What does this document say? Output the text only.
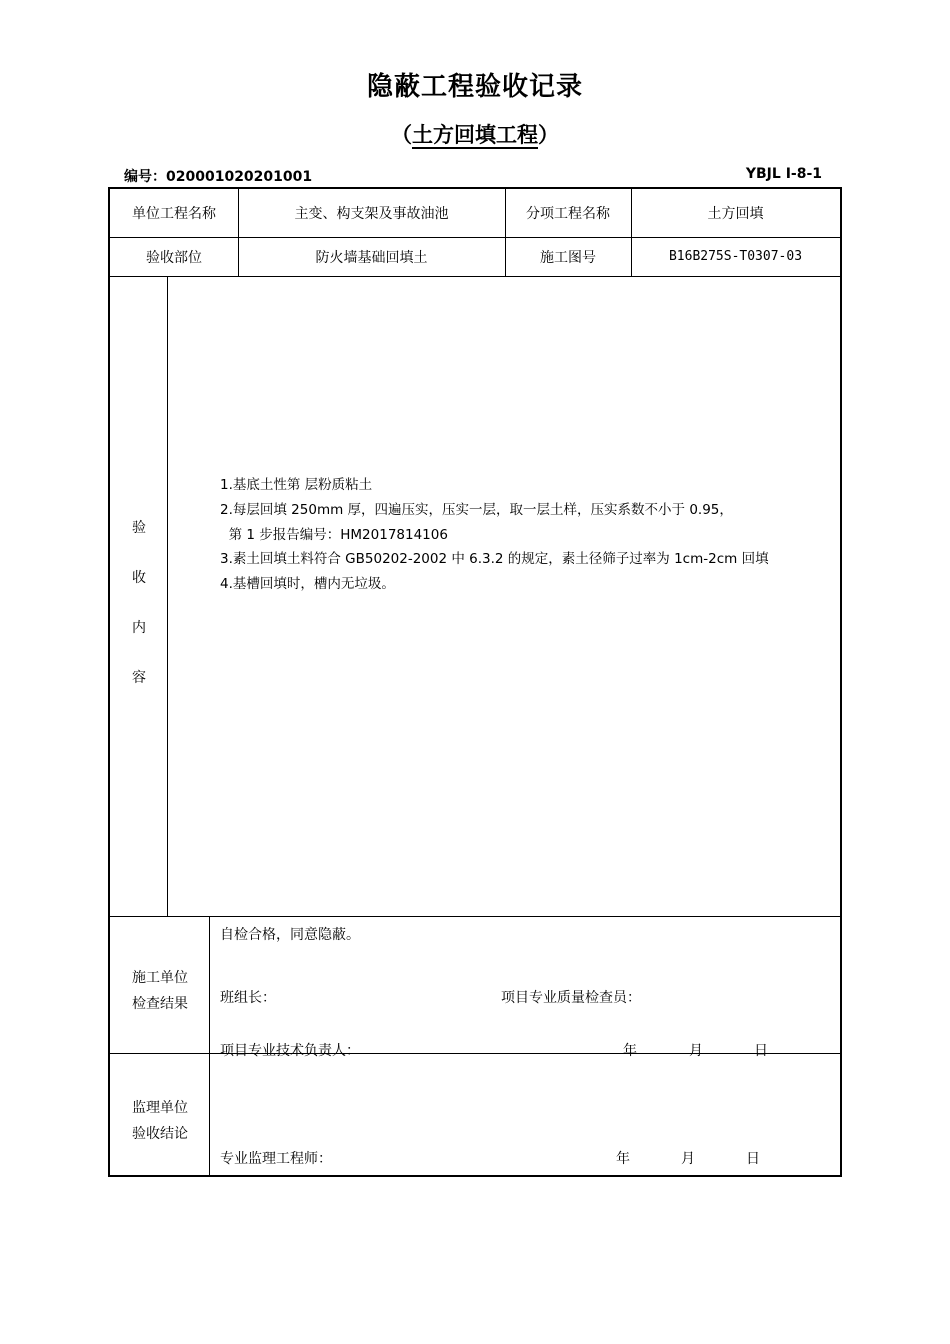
隐蔽工程验收记录
（土方回填工程）
编号：020001020201001	YBJL Ⅰ-8-1
单位工程名称	主变、构支架及事故油池	分项工程名称	土方回填
验收部位	防火墙基础回填土	施工图号	B16B275S-T0307-03
验
收
内
容
1.基底土性第 层粉质粘土
2.每层回填 250mm 厚，四遍压实，压实一层，取一层土样，压实系数不小于 0.95，
第 1 步报告编号：HM2017814106
3.素土回填土料符合 GB50202-2002 中 6.3.2 的规定，素土径筛子过率为 1cm-2cm 回填
4.基槽回填时，槽内无垃圾。
施工单位
检查结果
自检合格，同意隐蔽。
班组长：	项目专业质量检查员：
项目专业技术负责人：	年	月	日
监理单位
验收结论
专业监理工程师：	年	月	日
